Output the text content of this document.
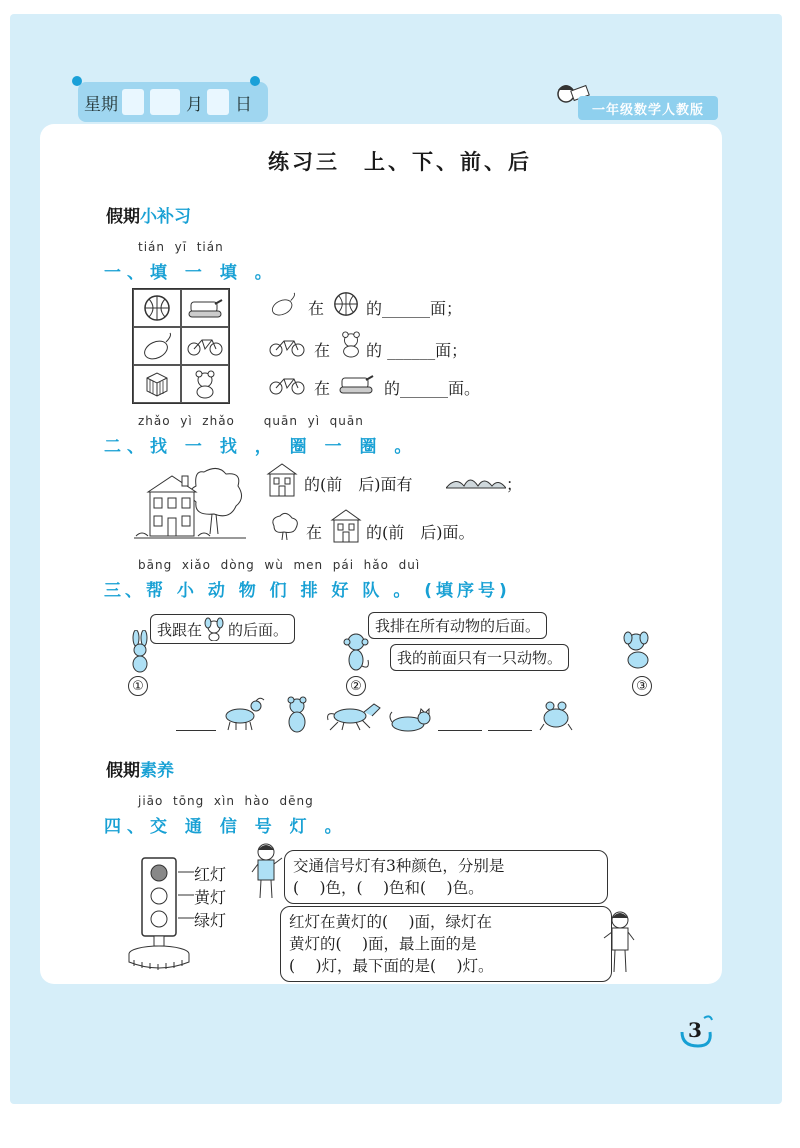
星期	月 日	一年级数学人教版
练习三　上、下、前、后
假期小补习
tián  yī  tián
一、填 一 填 。
在	的______面；
在 的 ______面；
在	的______面。
zhǎo  yì  zhǎo      quān  yì  quān
二、找 一 找 ， 圈 一 圈 。
的(前　后)面有	；
在	的(前　后)面。
bāng  xiǎo  dòng  wù  men  pái  hǎo  duì
三、帮 小 动 物 们 排 好 队 。 (填序号)
我跟在 的后面。	我排在所有动物的后面。
我的前面只有一只动物。
①	②	③
假期素养
jiāo  tōng  xìn  hào  dēng
四、交 通 信 号 灯 。
红灯
黄灯
绿灯
交通信号灯有3种颜色，分别是
(　 )色，(　 )色和(　 )色。
红灯在黄灯的(　 )面，绿灯在
黄灯的(　 )面，最上面的是
(　 )灯，最下面的是(　 )灯。
3
